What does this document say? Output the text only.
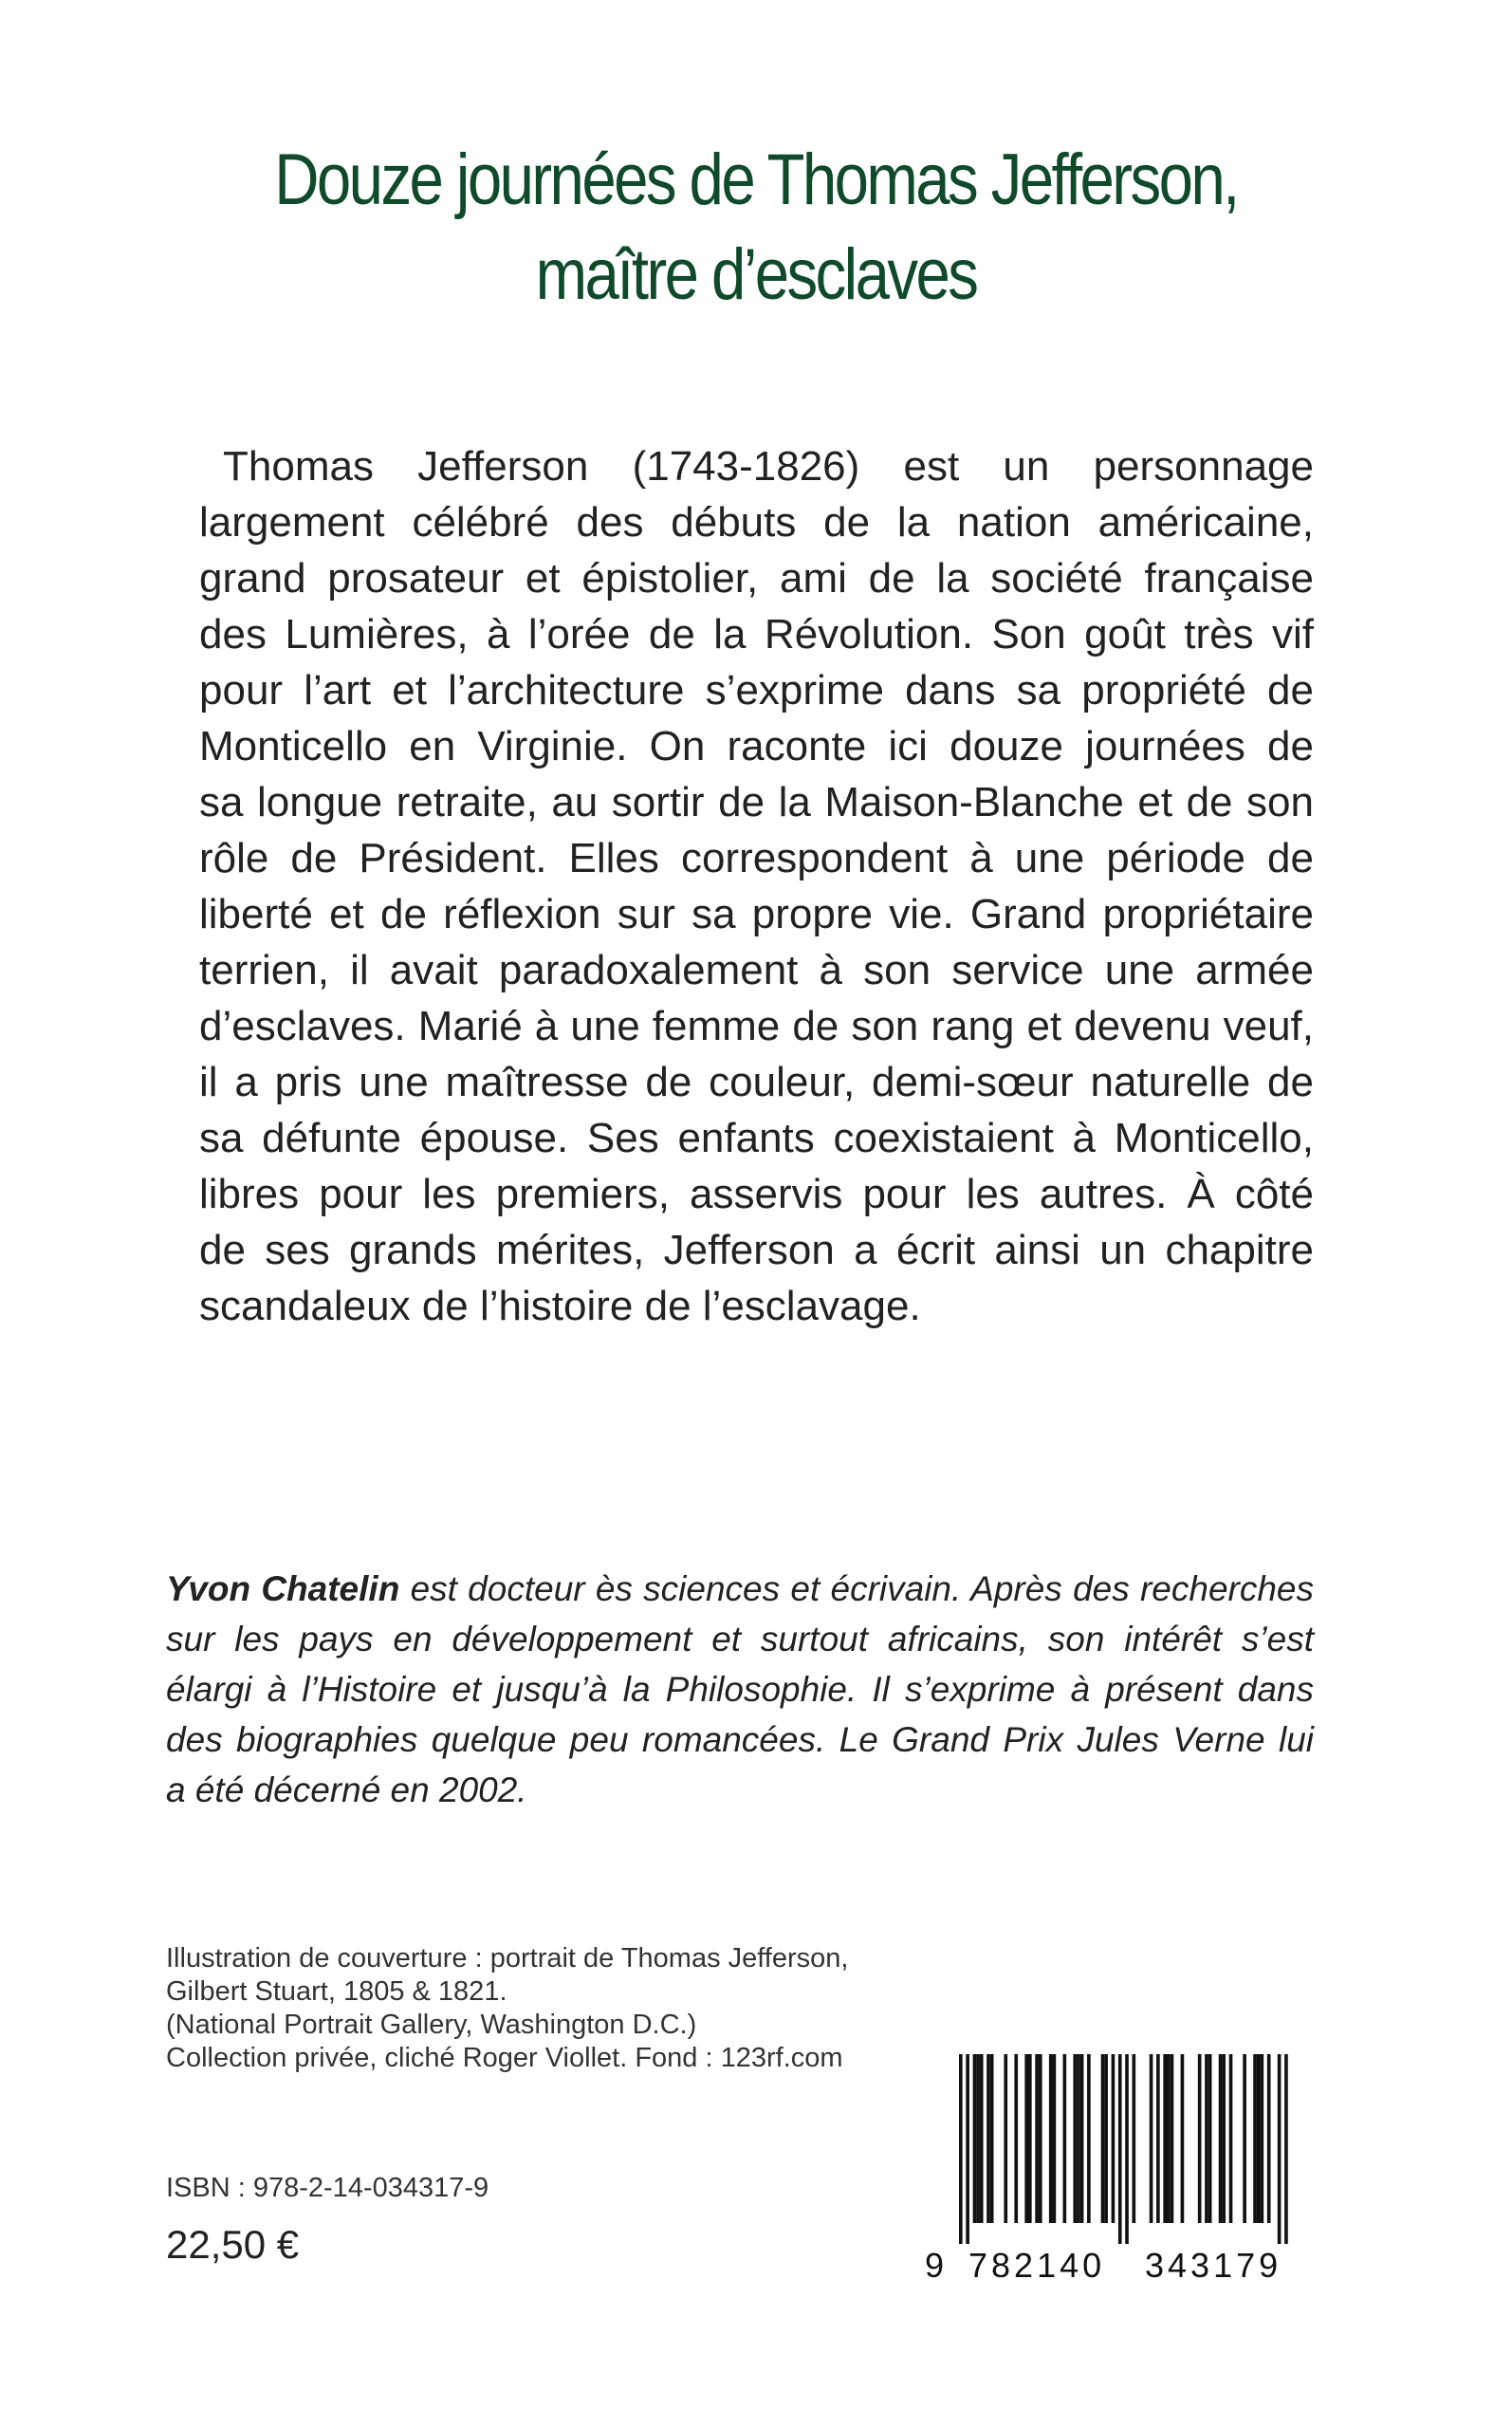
Douze journées de Thomas Jefferson,
maître d’esclaves
Thomas Jefferson (1743-1826) est un personnage
largement célébré des débuts de la nation américaine,
grand prosateur et épistolier, ami de la société française
des Lumières, à l’orée de la Révolution. Son goût très vif
pour l’art et l’architecture s’exprime dans sa propriété de
Monticello en Virginie. On raconte ici douze journées de
sa longue retraite, au sortir de la Maison-Blanche et de son
rôle de Président. Elles correspondent à une période de
liberté et de réflexion sur sa propre vie. Grand propriétaire
terrien, il avait paradoxalement à son service une armée
d’esclaves. Marié à une femme de son rang et devenu veuf,
il a pris une maîtresse de couleur, demi-sœur naturelle de
sa défunte épouse. Ses enfants coexistaient à Monticello,
libres pour les premiers, asservis pour les autres. À côté
de ses grands mérites, Jefferson a écrit ainsi un chapitre
scandaleux de l’histoire de l’esclavage.
Yvon Chatelin est docteur ès sciences et écrivain. Après des recherches
sur les pays en développement et surtout africains, son intérêt s’est
élargi à l’Histoire et jusqu’à la Philosophie. Il s’exprime à présent dans
des biographies quelque peu romancées. Le Grand Prix Jules Verne lui
a été décerné en 2002.
Illustration de couverture : portrait de Thomas Jefferson,
Gilbert Stuart, 1805 & 1821.
(National Portrait Gallery, Washington D.C.)
Collection privée, cliché Roger Viollet. Fond : 123rf.com
ISBN : 978-2-14-034317-9
22,50 €	9 782140 343179
